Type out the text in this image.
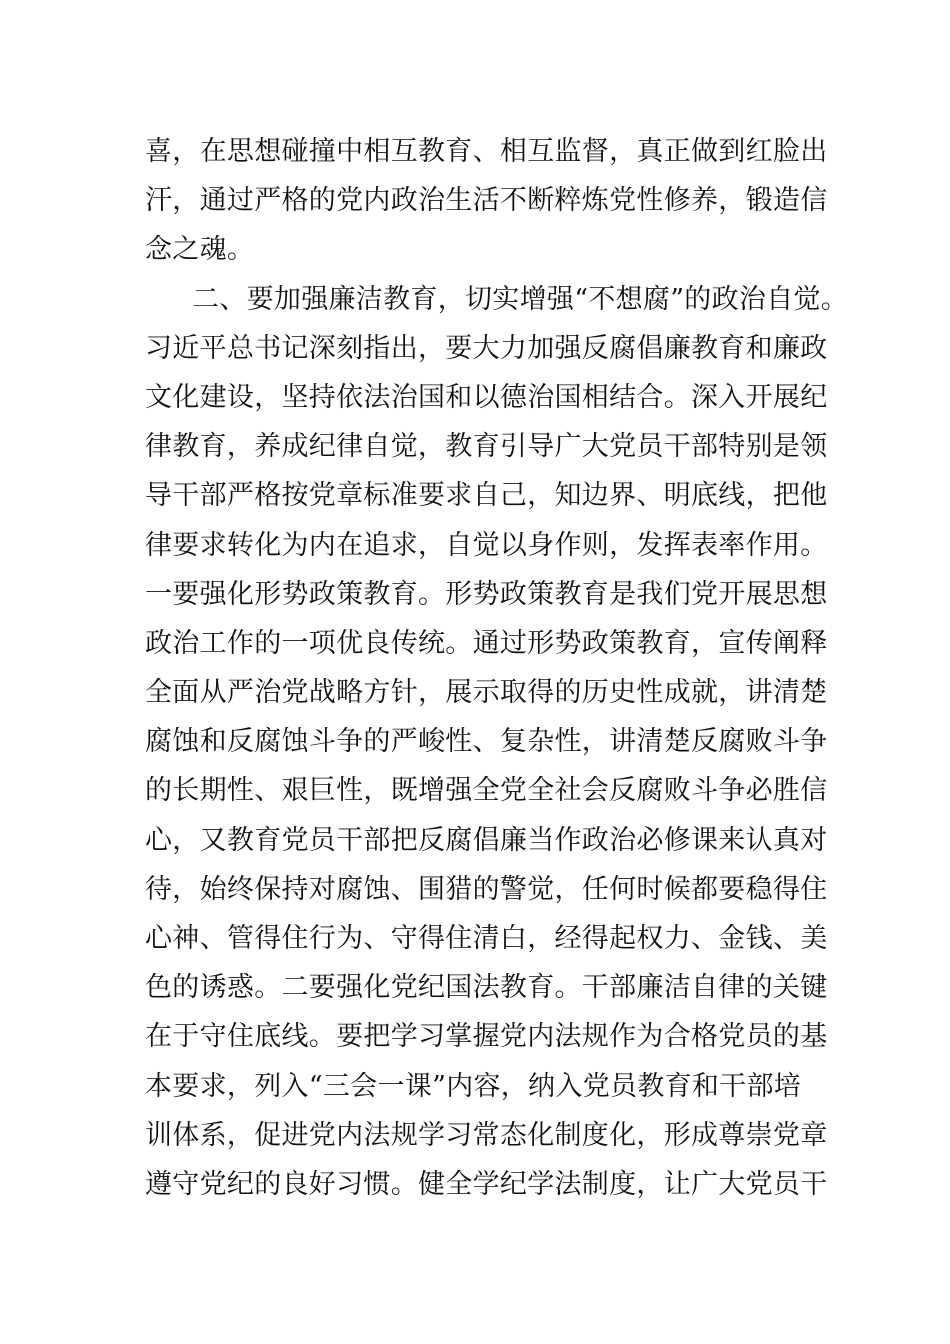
喜，在思想碰撞中相互教育、相互监督，真正做到红脸出
汗，通过严格的党内政治生活不断粹炼党性修养，锻造信
念之魂。
二、要加强廉洁教育，切实增强“不想腐”的政治自觉。
习近平总书记深刻指出，要大力加强反腐倡廉教育和廉政
文化建设，坚持依法治国和以德治国相结合。深入开展纪
律教育，养成纪律自觉，教育引导广大党员干部特别是领
导干部严格按党章标准要求自己，知边界、明底线，把他
律要求转化为内在追求，自觉以身作则，发挥表率作用。
一要强化形势政策教育。形势政策教育是我们党开展思想
政治工作的一项优良传统。通过形势政策教育，宣传阐释
全面从严治党战略方针，展示取得的历史性成就，讲清楚
腐蚀和反腐蚀斗争的严峻性、复杂性，讲清楚反腐败斗争
的长期性、艰巨性，既增强全党全社会反腐败斗争必胜信
心，又教育党员干部把反腐倡廉当作政治必修课来认真对
待，始终保持对腐蚀、围猎的警觉，任何时候都要稳得住
心神、管得住行为、守得住清白，经得起权力、金钱、美
色的诱惑。二要强化党纪国法教育。干部廉洁自律的关键
在于守住底线。要把学习掌握党内法规作为合格党员的基
本要求，列入“三会一课”内容，纳入党员教育和干部培
训体系，促进党内法规学习常态化制度化，形成尊崇党章
遵守党纪的良好习惯。健全学纪学法制度，让广大党员干
